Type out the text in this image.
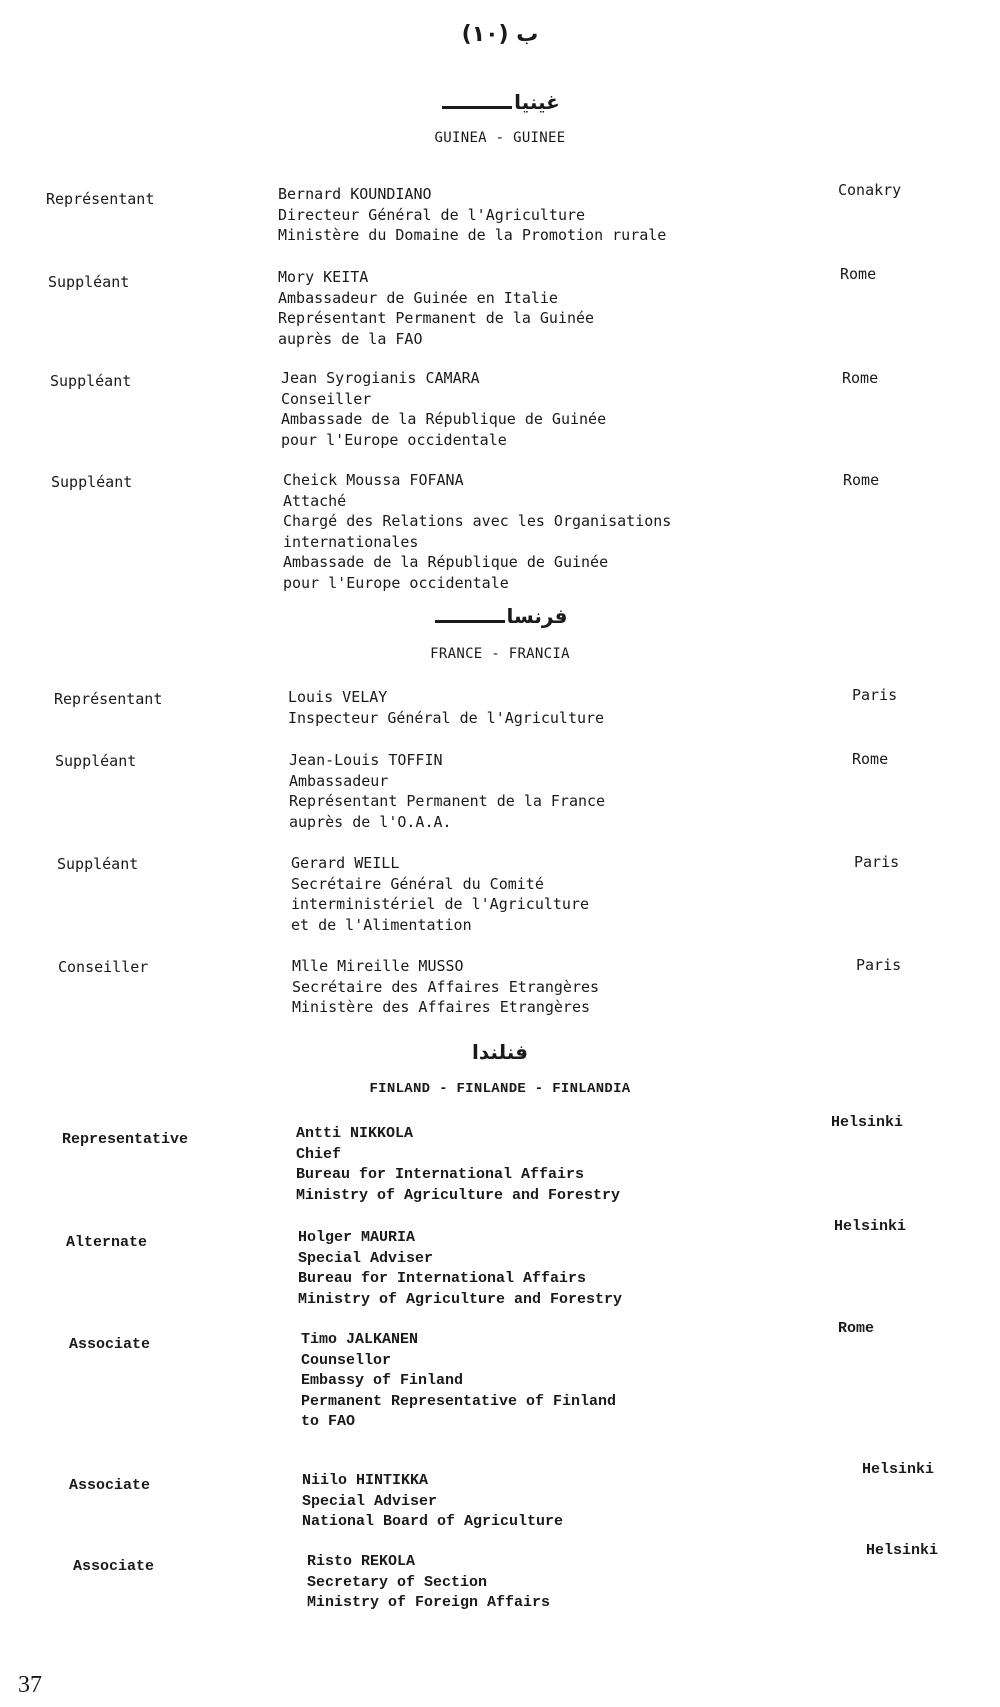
ب (١٠)
غينيا
GUINEA - GUINEE
Représentant	Bernard KOUNDIANO
Directeur Général de l'Agriculture
Ministère du Domaine de la Promotion rurale
Conakry
Suppléant	Mory KEITA
Ambassadeur de Guinée en Italie
Représentant Permanent de la Guinée
auprès de la FAO
Rome
Suppléant	Jean Syrogianis CAMARA
Conseiller
Ambassade de la République de Guinée
pour l'Europe occidentale
Rome
Suppléant	Cheick Moussa FOFANA
Attaché
Chargé des Relations avec les Organisations
internationales
Ambassade de la République de Guinée
pour l'Europe occidentale
Rome
فرنسا
FRANCE - FRANCIA
Représentant	Louis VELAY
Inspecteur Général de l'Agriculture
Paris
Suppléant	Jean-Louis TOFFIN
Ambassadeur
Représentant Permanent de la France
auprès de l'O.A.A.
Rome
Suppléant	Gerard WEILL
Secrétaire Général du Comité
interministériel de l'Agriculture
et de l'Alimentation
Paris
Conseiller	Mlle Mireille MUSSO
Secrétaire des Affaires Etrangères
Ministère des Affaires Etrangères
Paris
فنلندا
FINLAND - FINLANDE - FINLANDIA
Representative	Antti NIKKOLA
Chief
Bureau for International Affairs
Ministry of Agriculture and Forestry
Helsinki
Alternate	Holger MAURIA
Special Adviser
Bureau for International Affairs
Ministry of Agriculture and Forestry
Helsinki
Associate	Timo JALKANEN
Counsellor
Embassy of Finland
Permanent Representative of Finland
to FAO
Rome
Associate	Niilo HINTIKKA
Special Adviser
National Board of Agriculture
Helsinki
Associate	Risto REKOLA
Secretary of Section
Ministry of Foreign Affairs
Helsinki
37
